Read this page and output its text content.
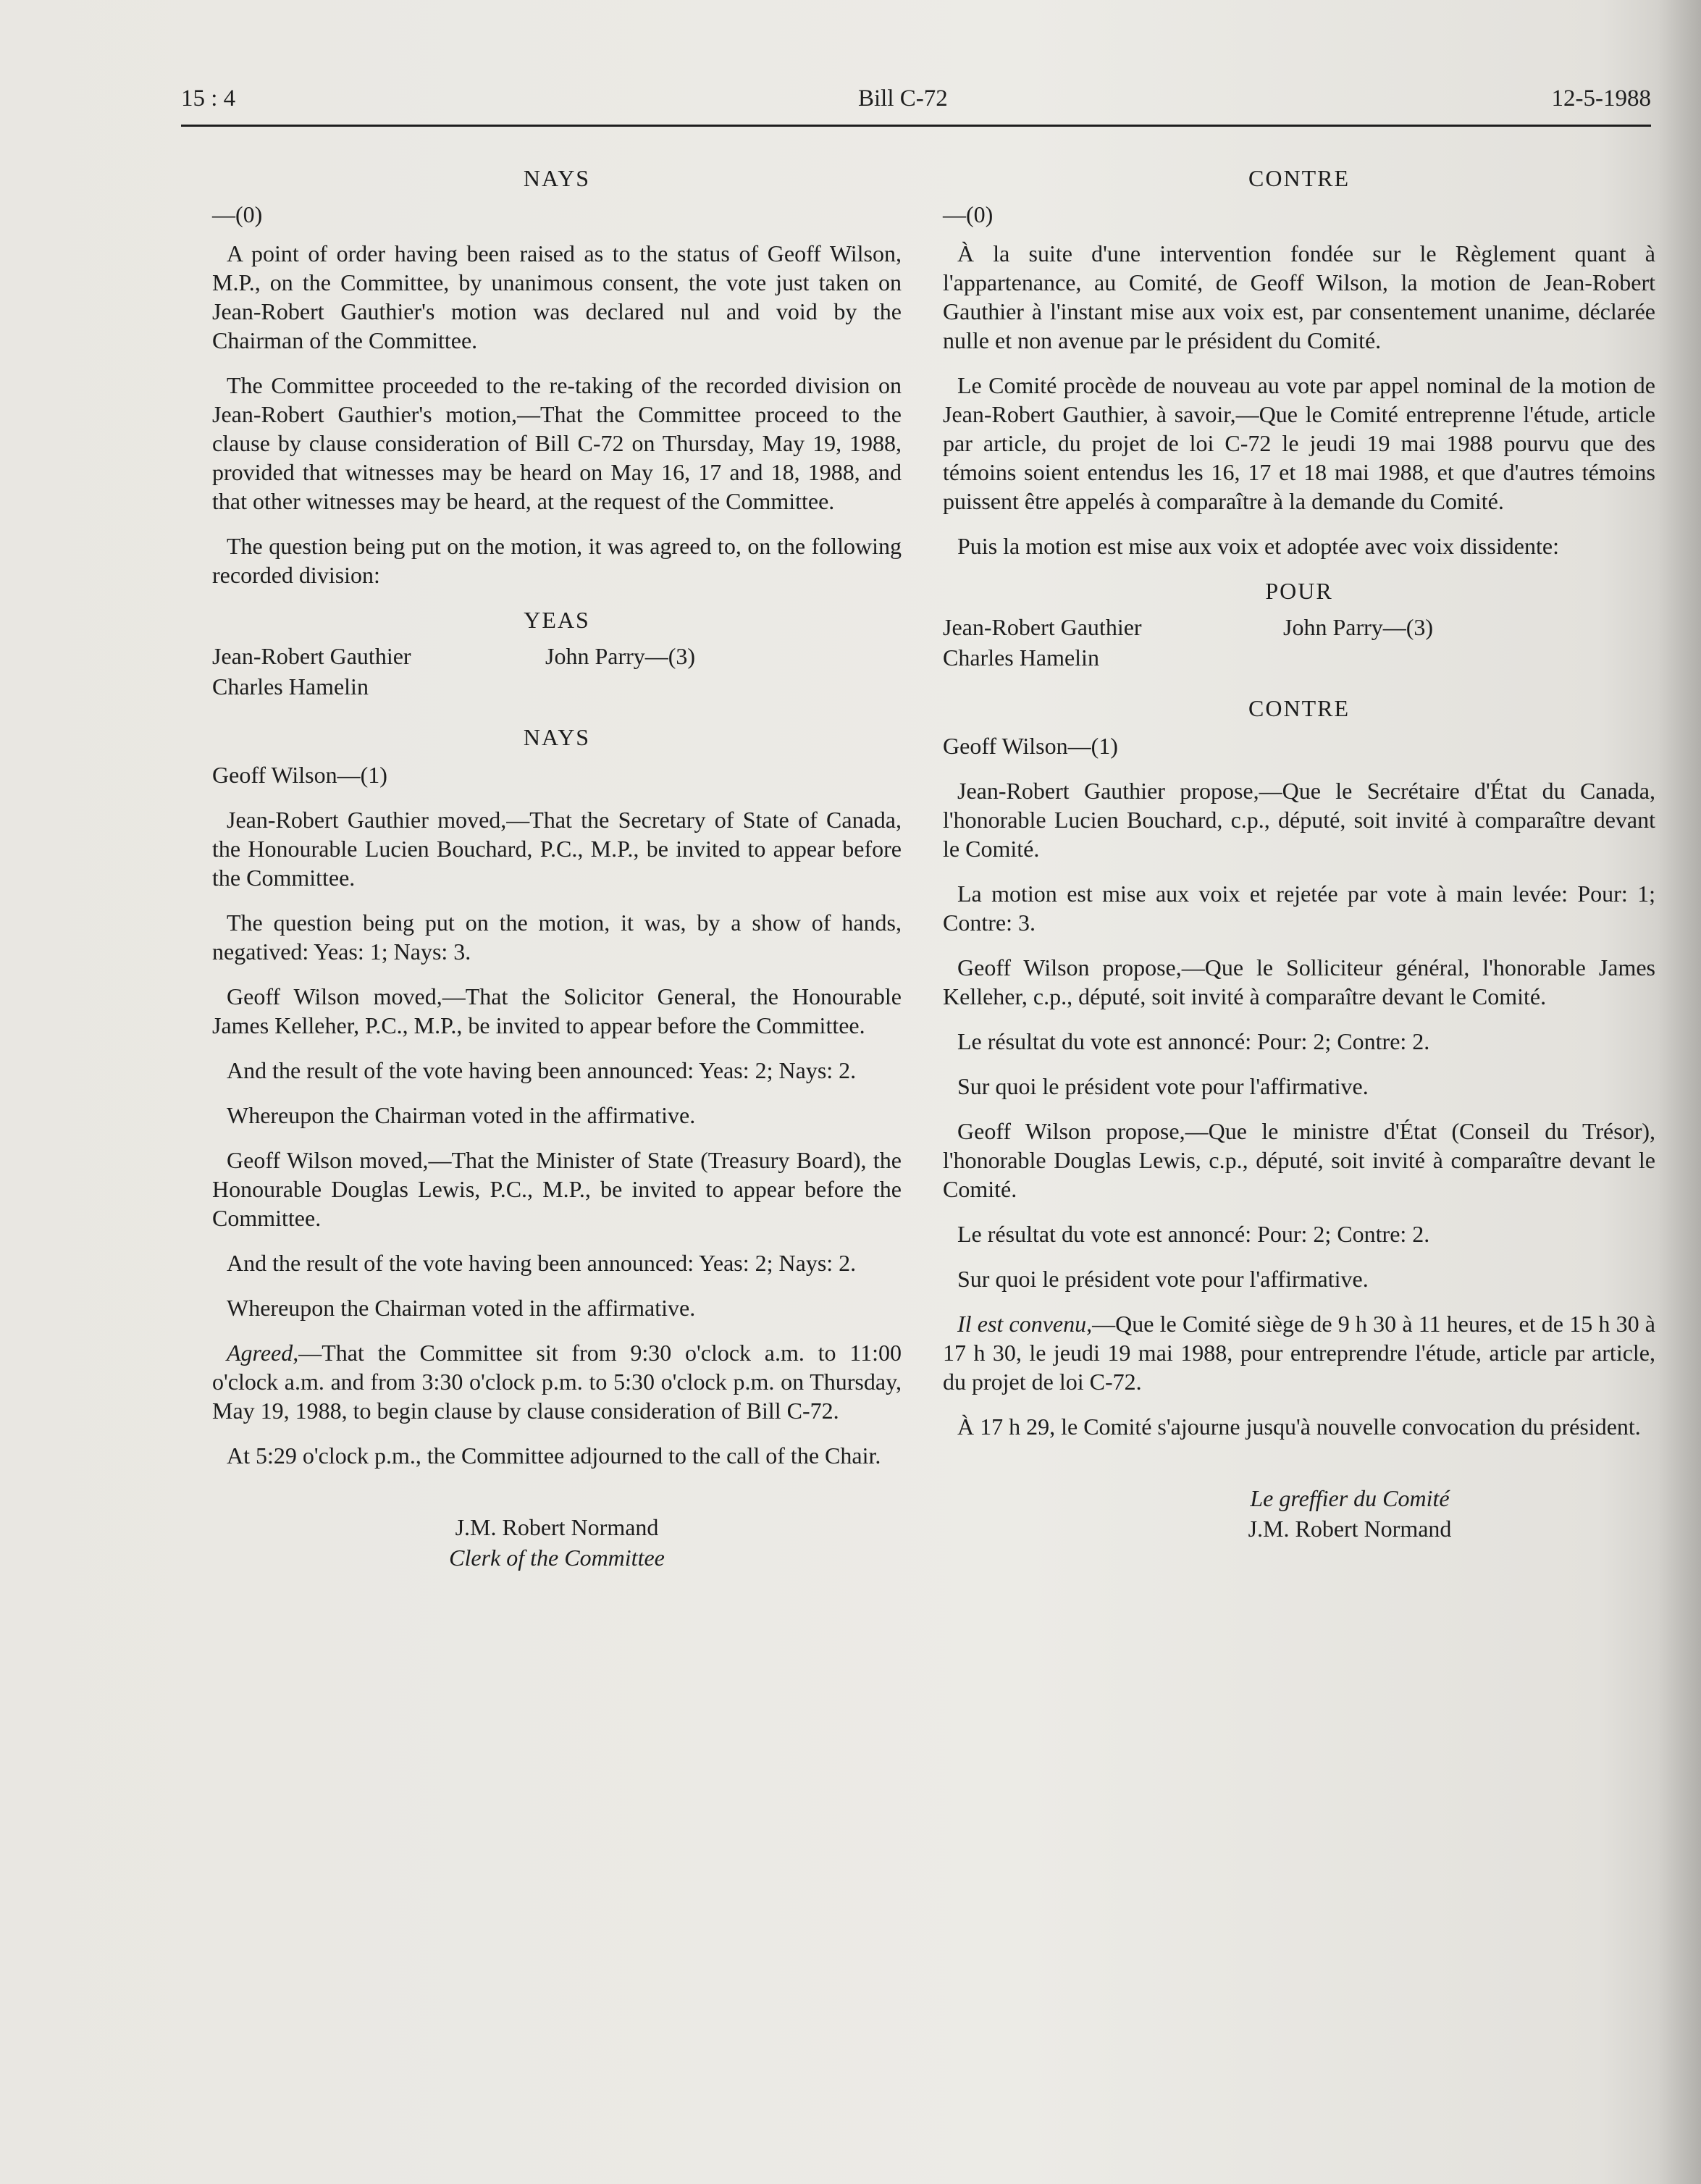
15 : 4	Bill C-72	12-5-1988
NAYS
—(0)

A point of order having been raised as to the status of Geoff Wilson, M.P., on the Committee, by unanimous consent, the vote just taken on Jean-Robert Gauthier's motion was declared nul and void by the Chairman of the Committee.

The Committee proceeded to the re-taking of the recorded division on Jean-Robert Gauthier's motion,—That the Committee proceed to the clause by clause consideration of Bill C-72 on Thursday, May 19, 1988, provided that witnesses may be heard on May 16, 17 and 18, 1988, and that other witnesses may be heard, at the request of the Committee.

The question being put on the motion, it was agreed to, on the following recorded division:

YEAS
Jean-Robert Gauthier	John Parry—(3)
Charles Hamelin
NAYS
Geoff Wilson—(1)

Jean-Robert Gauthier moved,—That the Secretary of State of Canada, the Honourable Lucien Bouchard, P.C., M.P., be invited to appear before the Committee.

The question being put on the motion, it was, by a show of hands, negatived: Yeas: 1; Nays: 3.

Geoff Wilson moved,—That the Solicitor General, the Honourable James Kelleher, P.C., M.P., be invited to appear before the Committee.

And the result of the vote having been announced: Yeas: 2; Nays: 2.

Whereupon the Chairman voted in the affirmative.

Geoff Wilson moved,—That the Minister of State (Treasury Board), the Honourable Douglas Lewis, P.C., M.P., be invited to appear before the Committee.

And the result of the vote having been announced: Yeas: 2; Nays: 2.

Whereupon the Chairman voted in the affirmative.

Agreed,—That the Committee sit from 9:30 o'clock a.m. to 11:00 o'clock a.m. and from 3:30 o'clock p.m. to 5:30 o'clock p.m. on Thursday, May 19, 1988, to begin clause by clause consideration of Bill C-72.

At 5:29 o'clock p.m., the Committee adjourned to the call of the Chair.

J.M. Robert Normand

Clerk of the Committee

CONTRE
—(0)

À la suite d'une intervention fondée sur le Règlement quant à l'appartenance, au Comité, de Geoff Wilson, la motion de Jean-Robert Gauthier à l'instant mise aux voix est, par consentement unanime, déclarée nulle et non avenue par le président du Comité.

Le Comité procède de nouveau au vote par appel nominal de la motion de Jean-Robert Gauthier, à savoir,—Que le Comité entreprenne l'étude, article par article, du projet de loi C-72 le jeudi 19 mai 1988 pourvu que des témoins soient entendus les 16, 17 et 18 mai 1988, et que d'autres témoins puissent être appelés à comparaître à la demande du Comité.

Puis la motion est mise aux voix et adoptée avec voix dissidente:

POUR
Jean-Robert Gauthier	John Parry—(3)
Charles Hamelin
CONTRE
Geoff Wilson—(1)

Jean-Robert Gauthier propose,—Que le Secrétaire d'État du Canada, l'honorable Lucien Bouchard, c.p., député, soit invité à comparaître devant le Comité.

La motion est mise aux voix et rejetée par vote à main levée: Pour: 1; Contre: 3.

Geoff Wilson propose,—Que le Solliciteur général, l'honorable James Kelleher, c.p., député, soit invité à comparaître devant le Comité.

Le résultat du vote est annoncé: Pour: 2; Contre: 2.

Sur quoi le président vote pour l'affirmative.

Geoff Wilson propose,—Que le ministre d'État (Conseil du Trésor), l'honorable Douglas Lewis, c.p., député, soit invité à comparaître devant le Comité.

Le résultat du vote est annoncé: Pour: 2; Contre: 2.

Sur quoi le président vote pour l'affirmative.

Il est convenu,—Que le Comité siège de 9 h 30 à 11 heures, et de 15 h 30 à 17 h 30, le jeudi 19 mai 1988, pour entreprendre l'étude, article par article, du projet de loi C-72.

À 17 h 29, le Comité s'ajourne jusqu'à nouvelle convocation du président.

Le greffier du Comité

J.M. Robert Normand
